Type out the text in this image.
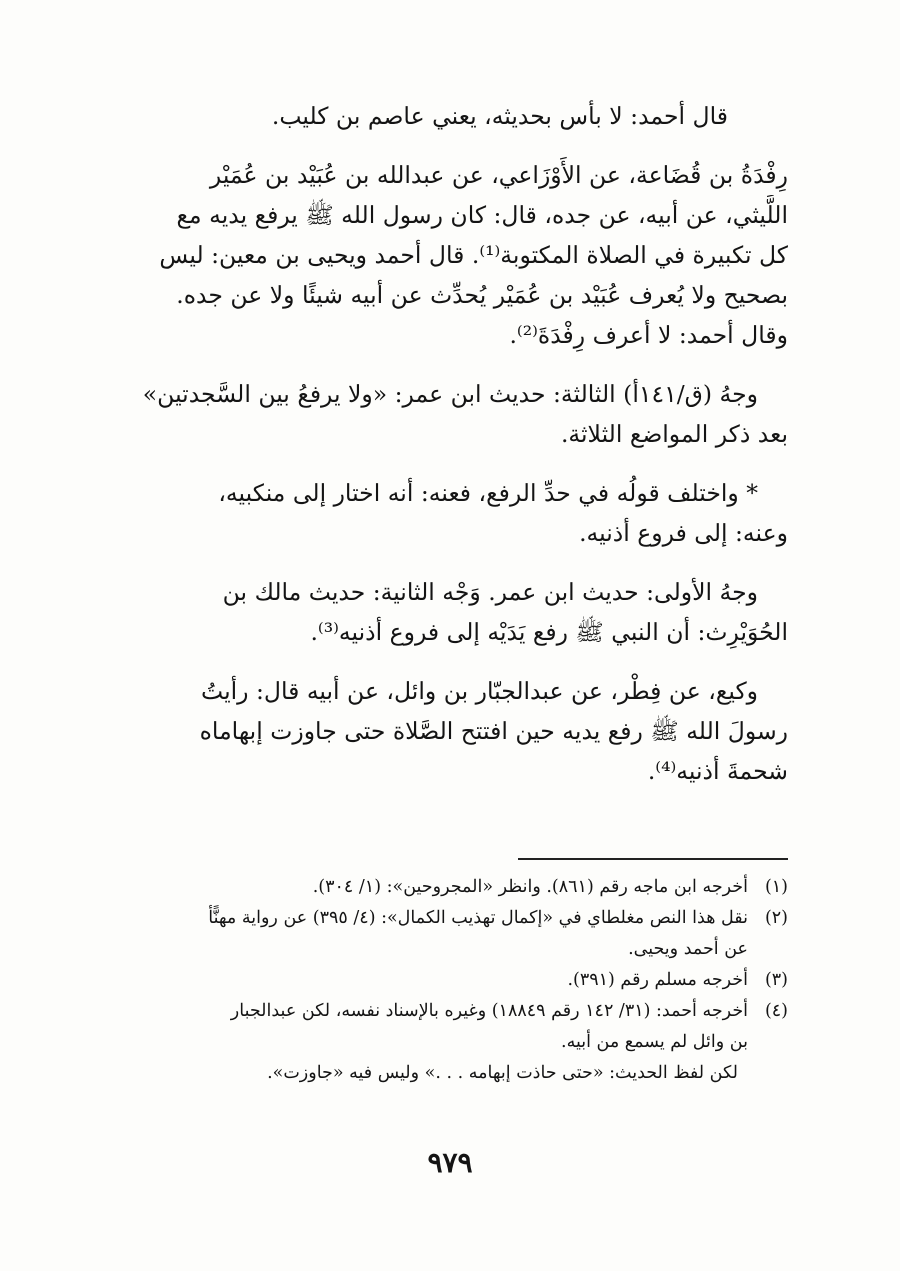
قال أحمد: لا بأس بحديثه، يعني عاصم بن كليب.
رِفْدَةُ بن قُضَاعة، عن الأَوْزَاعي، عن عبدالله بن عُبَيْد بن عُمَيْر
اللَّيثي، عن أبيه، عن جده، قال: كان رسول الله ﷺ يرفع يديه مع
كل تكبيرة في الصلاة المكتوبة⁽¹⁾. قال أحمد ويحيى بن معين: ليس
بصحيح ولا يُعرف عُبَيْد بن عُمَيْر يُحدِّث عن أبيه شيئًا ولا عن جده.
وقال أحمد: لا أعرف رِفْدَةَ⁽²⁾.
وجهُ (ق/١٤١أ) الثالثة: حديث ابن عمر: «ولا يرفعُ بين السَّجدتين»
بعد ذكر المواضع الثلاثة.
* واختلف قولُه في حدِّ الرفع، فعنه: أنه اختار إلى منكبيه،
وعنه: إلى فروع أذنيه.
وجهُ الأولى: حديث ابن عمر. وَجْه الثانية: حديث مالك بن
الحُوَيْرِث: أن النبي ﷺ رفع يَدَيْه إلى فروع أذنيه⁽³⁾.
وكيع، عن فِطْر، عن عبدالجبّار بن وائل، عن أبيه قال: رأيتُ
رسولَ الله ﷺ رفع يديه حين افتتح الصَّلاة حتى جاوزت إبهاماه
شحمةَ أذنيه⁽⁴⁾.
(١)
أخرجه ابن ماجه رقم (٨٦١). وانظر «المجروحين»: (١/ ٣٠٤).
(٢)
نقل هذا النص مغلطاي في «إكمال تهذيب الكمال»: (٤/ ٣٩٥) عن رواية مهنًّأ
عن أحمد ويحيى.
(٣)
أخرجه مسلم رقم (٣٩١).
(٤)
أخرجه أحمد: (٣١/ ١٤٢ رقم ١٨٨٤٩) وغيره بالإسناد نفسه، لكن عبدالجبار
بن وائل لم يسمع من أبيه.
لكن لفظ الحديث: «حتى حاذت إبهامه . . .» وليس فيه «جاوزت».
٩٧٩
